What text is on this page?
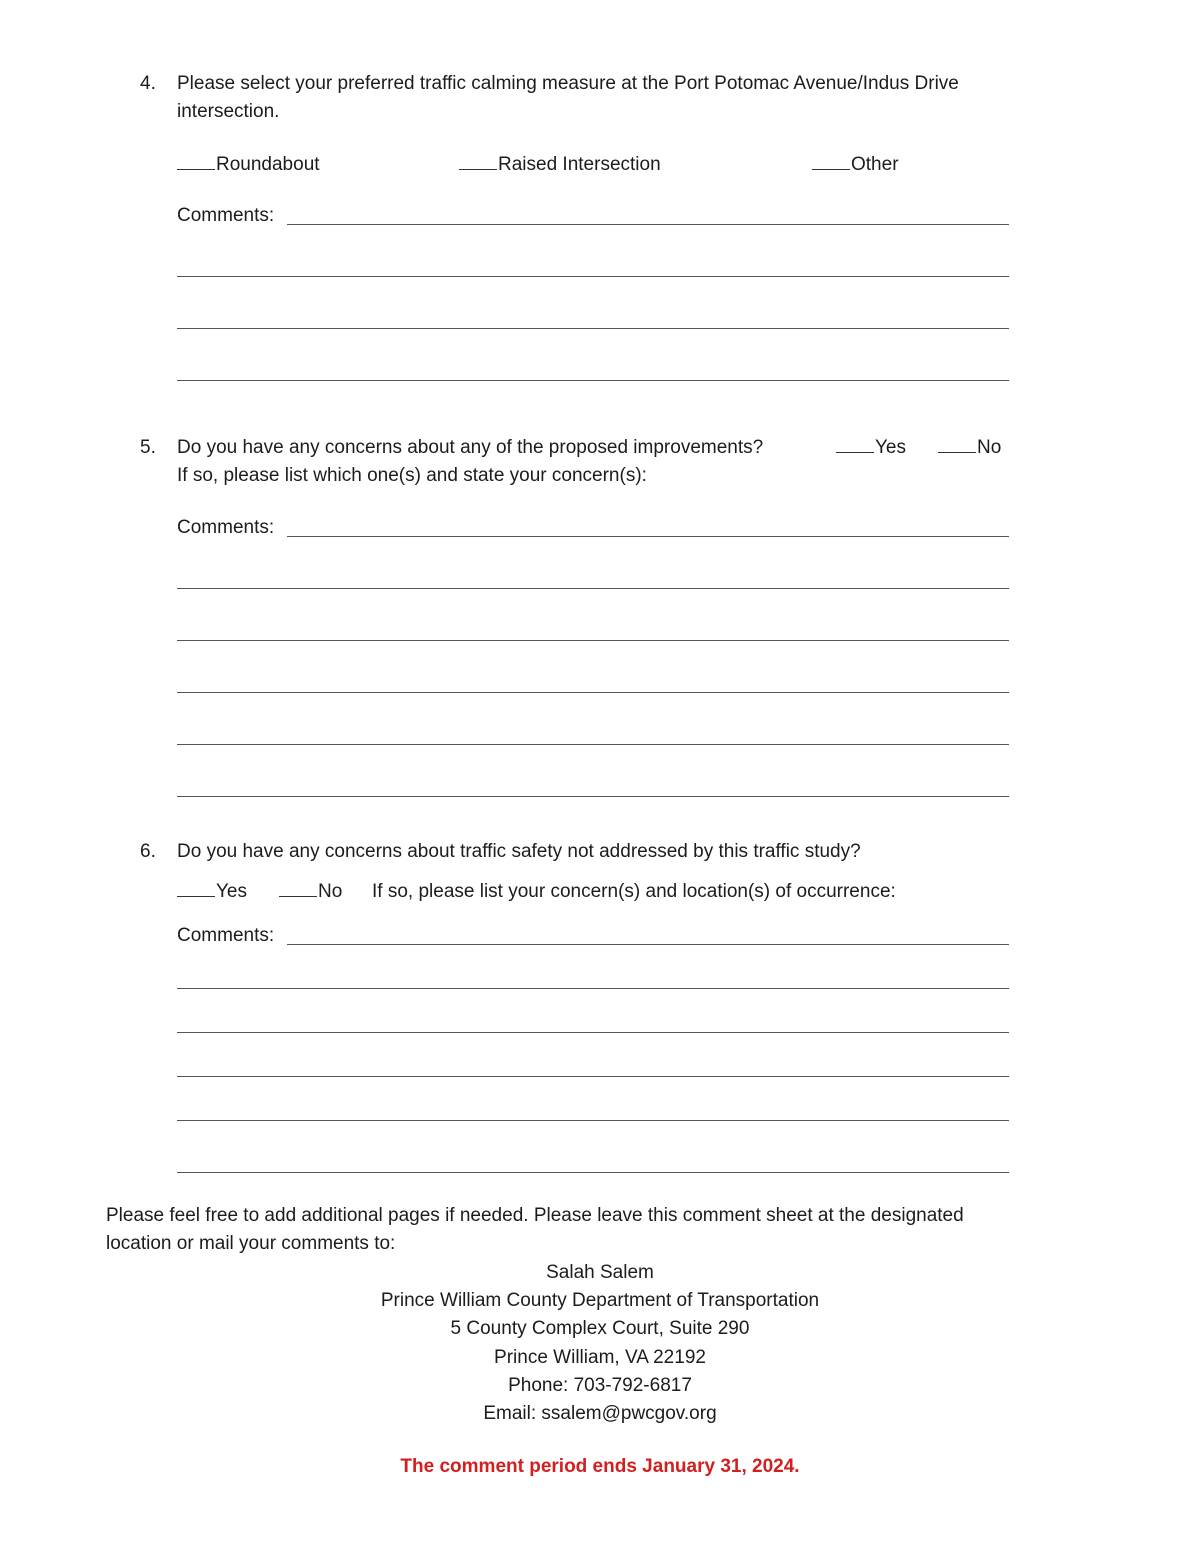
4. Please select your preferred traffic calming measure at the Port Potomac Avenue/Indus Drive
intersection.
Roundabout	Raised Intersection	Other
Comments:
5. Do you have any concerns about any of the proposed improvements?	Yes	No
If so, please list which one(s) and state your concern(s):
Comments:
6. Do you have any concerns about traffic safety not addressed by this traffic study?
Yes	No If so, please list your concern(s) and location(s) of occurrence:
Comments:
Please feel free to add additional pages if needed. Please leave this comment sheet at the designated
location or mail your comments to:
Salah Salem
Prince William County Department of Transportation
5 County Complex Court, Suite 290
Prince William, VA 22192
Phone: 703-792-6817
Email: ssalem@pwcgov.org
The comment period ends January 31, 2024.
